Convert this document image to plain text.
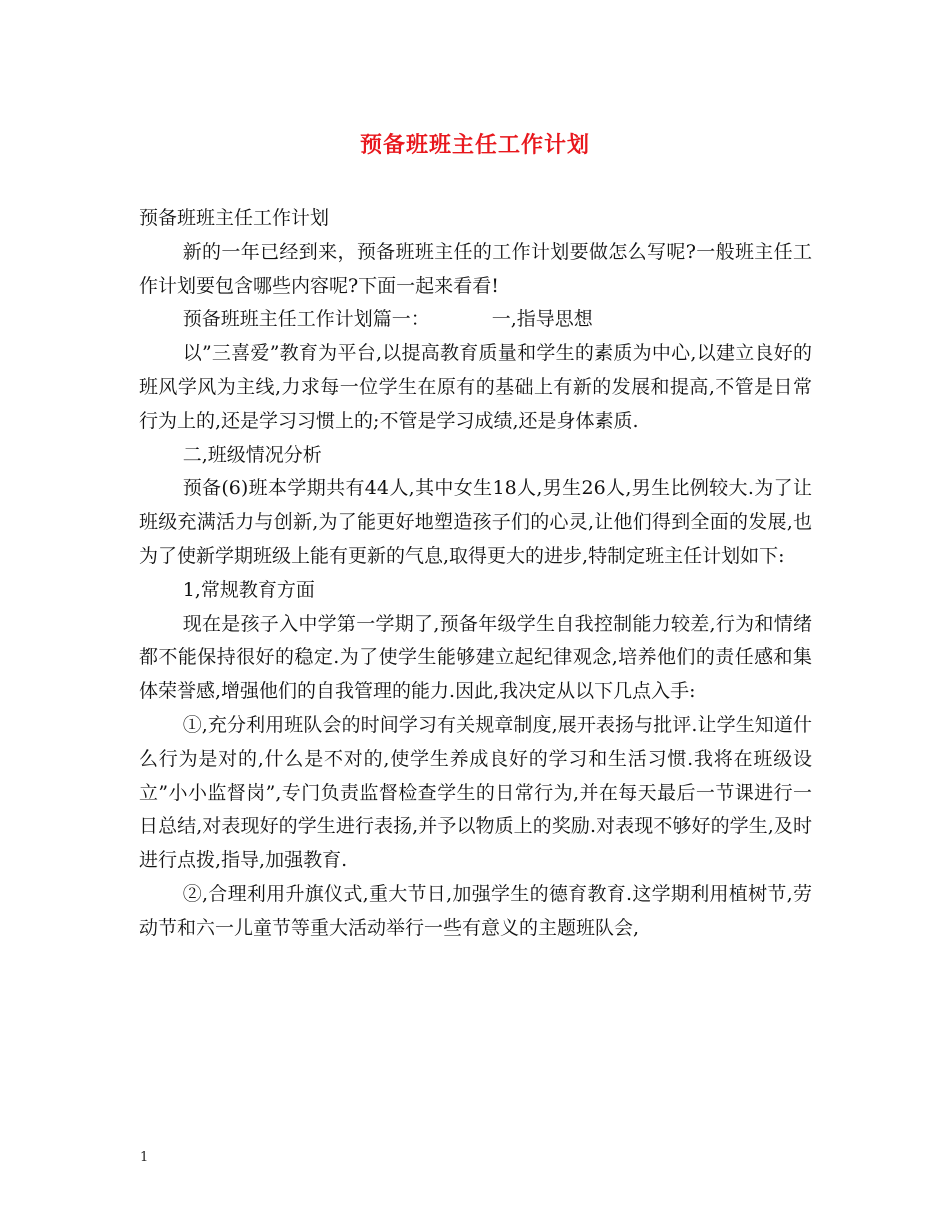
预备班班主任工作计划

预备班班主任工作计划

新的一年已经到来，预备班班主任的工作计划要做怎么写呢?一般班主任工作计划要包含哪些内容呢?下面一起来看看!

预备班班主任工作计划篇一：	一,指导思想

以”三喜爱”教育为平台,以提高教育质量和学生的素质为中心,以建立良好的班风学风为主线,力求每一位学生在原有的基础上有新的发展和提高,不管是日常行为上的,还是学习习惯上的;不管是学习成绩,还是身体素质.

二,班级情况分析

预备(6)班本学期共有44人,其中女生18人,男生26人,男生比例较大.为了让班级充满活力与创新,为了能更好地塑造孩子们的心灵,让他们得到全面的发展,也为了使新学期班级上能有更新的气息,取得更大的进步,特制定班主任计划如下:

1,常规教育方面

现在是孩子入中学第一学期了,预备年级学生自我控制能力较差,行为和情绪都不能保持很好的稳定.为了使学生能够建立起纪律观念,培养他们的责任感和集体荣誉感,增强他们的自我管理的能力.因此,我决定从以下几点入手:

①,充分利用班队会的时间学习有关规章制度,展开表扬与批评.让学生知道什么行为是对的,什么是不对的,使学生养成良好的学习和生活习惯.我将在班级设立”小小监督岗”,专门负责监督检查学生的日常行为,并在每天最后一节课进行一日总结,对表现好的学生进行表扬,并予以物质上的奖励.对表现不够好的学生,及时进行点拨,指导,加强教育.

②,合理利用升旗仪式,重大节日,加强学生的德育教育.这学期利用植树节,劳动节和六一儿童节等重大活动举行一些有意义的主题班队会,

1
